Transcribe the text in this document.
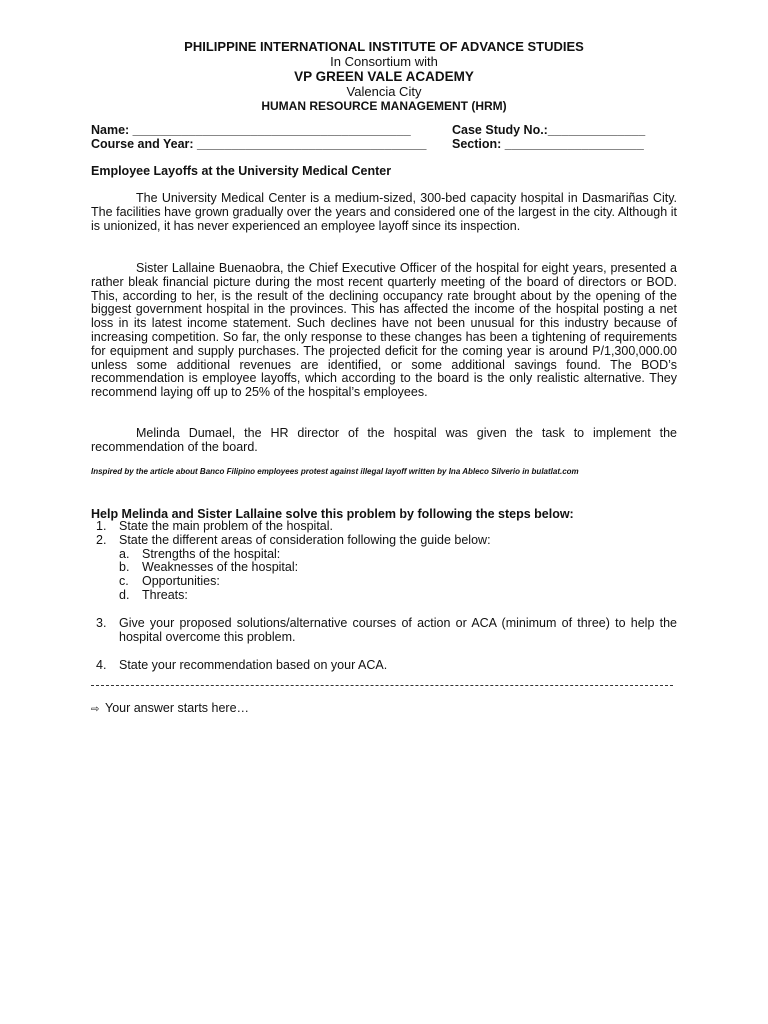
PHILIPPINE INTERNATIONAL INSTITUTE OF ADVANCE STUDIES
In Consortium with
VP GREEN VALE ACADEMY
Valencia City
HUMAN RESOURCE MANAGEMENT (HRM)
Name: ________________________________________	Case Study No.:______________
Course and Year: _________________________________ Section: ____________________
Employee Layoffs at the University Medical Center

The University Medical Center is a medium-sized, 300-bed capacity hospital in Dasmariñas City. The facilities have grown gradually over the years and considered one of the largest in the city. Although it is unionized, it has never experienced an employee layoff since its inspection.

Sister Lallaine Buenaobra, the Chief Executive Officer of the hospital for eight years, presented a rather bleak financial picture during the most recent quarterly meeting of the board of directors or BOD. This, according to her, is the result of the declining occupancy rate brought about by the opening of the biggest government hospital in the provinces. This has affected the income of the hospital posting a net loss in its latest income statement. Such declines have not been unusual for this industry because of increasing competition. So far, the only response to these changes has been a tightening of requirements for equipment and supply purchases. The projected deficit for the coming year is around P/1,300,000.00 unless some additional revenues are identified, or some additional savings found. The BOD’s recommendation is employee layoffs, which according to the board is the only realistic alternative. They recommend laying off up to 25% of the hospital’s employees.

Melinda Dumael, the HR director of the hospital was given the task to implement the recommendation of the board.

Inspired by the article about Banco Filipino employees protest against illegal layoff written by Ina Ableco Silverio in bulatlat.com
Help Melinda and Sister Lallaine solve this problem by following the steps below:
1. State the main problem of the hospital.
2. State the different areas of consideration following the guide below:
a. Strengths of the hospital:
b. Weaknesses of the hospital:
c. Opportunities:
d. Threats:
3. Give your proposed solutions/alternative courses of action or ACA (minimum of three) to help the hospital overcome this problem.
4. State your recommendation based on your ACA.
⇨ Your answer starts here…
